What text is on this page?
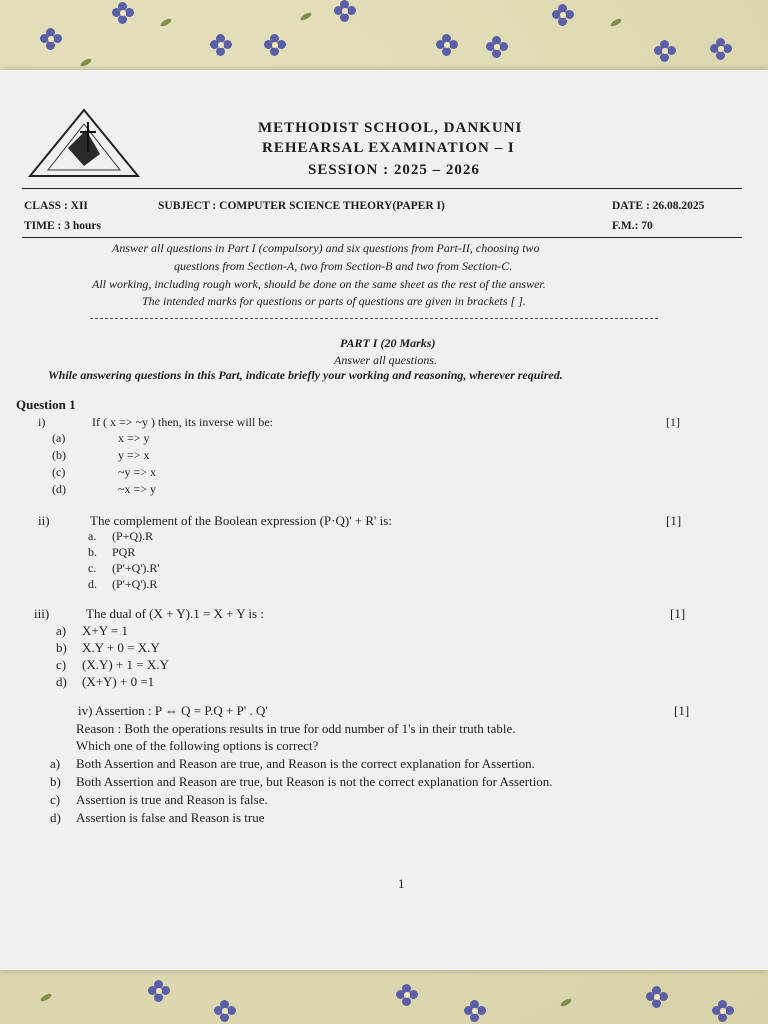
METHODIST SCHOOL, DANKUNI
REHEARSAL EXAMINATION – I
SESSION : 2025 – 2026
CLASS : XII	SUBJECT : COMPUTER SCIENCE THEORY(PAPER I)	DATE : 26.08.2025
TIME : 3 hours	F.M.: 70
Answer all questions in Part I (compulsory) and six questions from Part-II, choosing two
questions from Section-A, two from Section-B and two from Section-C.
All working, including rough work, should be done on the same sheet as the rest of the answer.
The intended marks for questions or parts of questions are given in brackets [ ].
PART I (20 Marks)
Answer all questions.
While answering questions in this Part, indicate briefly your working and reasoning, wherever required.
Question 1
i)	If ( x => ~y ) then, its inverse will be:	[1]
(a)	x => y
(b)	y => x
(c)	~y => x
(d)	~x => y
ii)	The complement of the Boolean expression (P·Q)' + R' is:	[1]
a. (P+Q).R
b. PQR
c. (P'+Q').R'
d. (P'+Q').R
iii)	The dual of (X + Y).1 = X + Y is :	[1]
a) X+Y = 1
b) X.Y + 0 = X.Y
c) (X.Y) + 1 = X.Y
d) (X+Y) + 0 =1
iv) Assertion : P ⇔ Q = P.Q + P' . Q'	[1]
Reason : Both the operations results in true for odd number of 1's in their truth table.
Which one of the following options is correct?
a) Both Assertion and Reason are true, and Reason is the correct explanation for Assertion.
b) Both Assertion and Reason are true, but Reason is not the correct explanation for Assertion.
c) Assertion is true and Reason is false.
d) Assertion is false and Reason is true
1
